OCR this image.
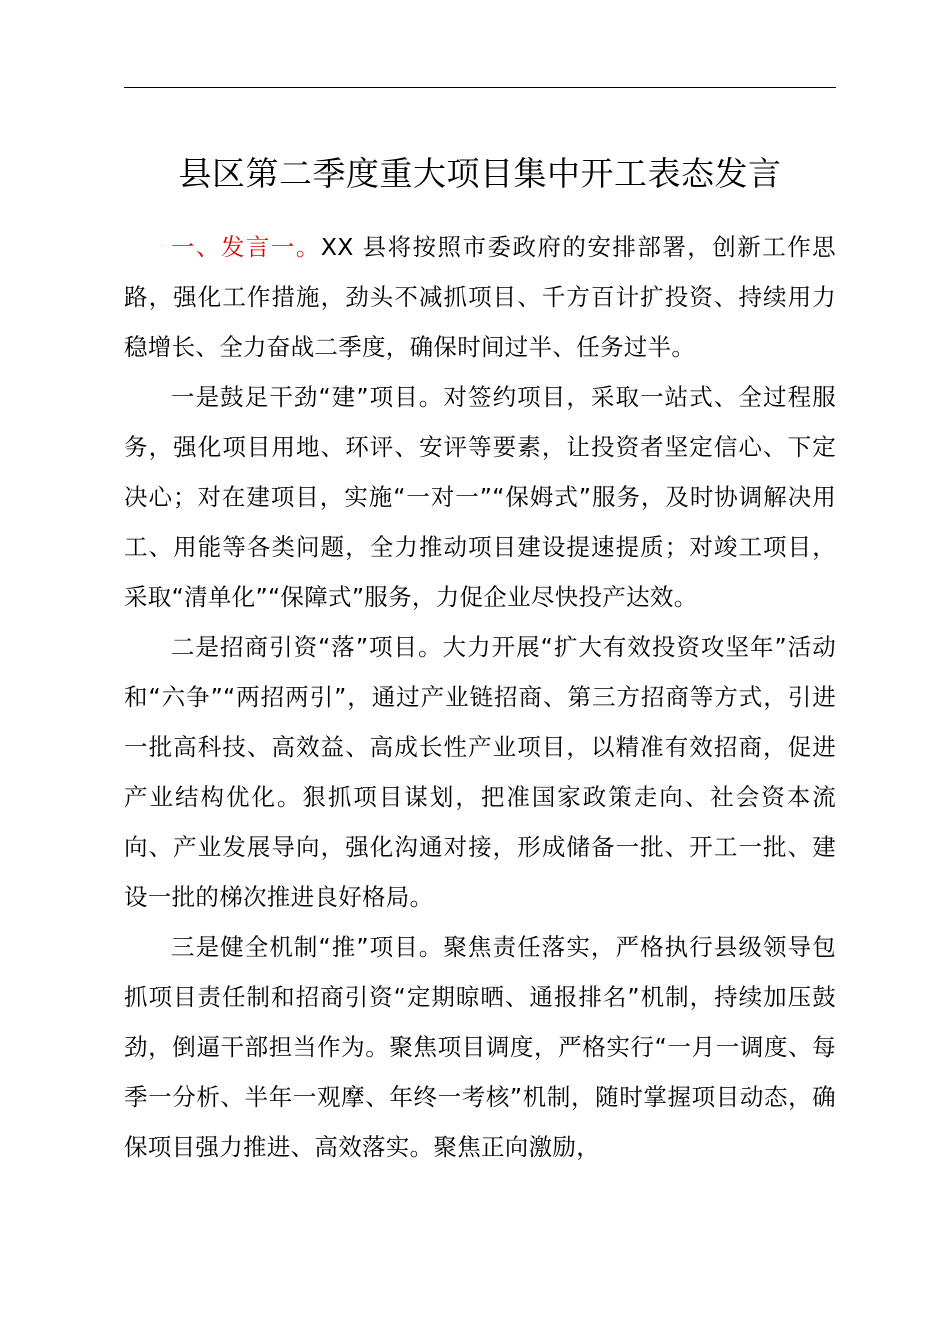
县区第二季度重大项目集中开工表态发言

一、发言一。XX 县将按照市委政府的安排部署，创新工作思路，强化工作措施，劲头不减抓项目、千方百计扩投资、持续用力稳增长、全力奋战二季度，确保时间过半、任务过半。

一是鼓足干劲“建”项目。对签约项目，采取一站式、全过程服务，强化项目用地、环评、安评等要素，让投资者坚定信心、下定决心；对在建项目，实施“一对一”“保姆式”服务，及时协调解决用工、用能等各类问题，全力推动项目建设提速提质；对竣工项目，采取“清单化”“保障式”服务，力促企业尽快投产达效。

二是招商引资“落”项目。大力开展“扩大有效投资攻坚年”活动和“六争”“两招两引”，通过产业链招商、第三方招商等方式，引进一批高科技、高效益、高成长性产业项目，以精准有效招商，促进产业结构优化。狠抓项目谋划，把准国家政策走向、社会资本流向、产业发展导向，强化沟通对接，形成储备一批、开工一批、建设一批的梯次推进良好格局。

三是健全机制“推”项目。聚焦责任落实，严格执行县级领导包抓项目责任制和招商引资“定期晾晒、通报排名”机制，持续加压鼓劲，倒逼干部担当作为。聚焦项目调度，严格实行“一月一调度、每季一分析、半年一观摩、年终一考核”机制，随时掌握项目动态，确保项目强力推进、高效落实。聚焦正向激励，
